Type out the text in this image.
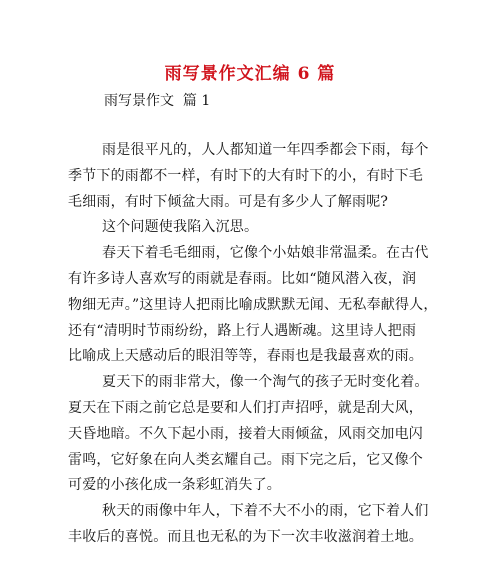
雨写景作文汇编 6 篇
雨写景作文  篇 1
雨是很平凡的，人人都知道一年四季都会下雨，每个
季节下的雨都不一样，有时下的大有时下的小，有时下毛
毛细雨，有时下倾盆大雨。可是有多少人了解雨呢?
这个问题使我陷入沉思。
春天下着毛毛细雨，它像个小姑娘非常温柔。在古代
有许多诗人喜欢写的雨就是春雨。比如“随风潜入夜，润
物细无声。”这里诗人把雨比喻成默默无闻、无私奉献得人，
还有“清明时节雨纷纷，路上行人遇断魂。这里诗人把雨
比喻成上天感动后的眼泪等等，春雨也是我最喜欢的雨。
夏天下的雨非常大，像一个淘气的孩子无时变化着。
夏天在下雨之前它总是要和人们打声招呼，就是刮大风，
天昏地暗。不久下起小雨，接着大雨倾盆，风雨交加电闪
雷鸣，它好象在向人类玄耀自己。雨下完之后，它又像个
可爱的小孩化成一条彩虹消失了。
秋天的雨像中年人，下着不大不小的雨，它下着人们
丰收后的喜悦。而且也无私的为下一次丰收滋润着土地。
